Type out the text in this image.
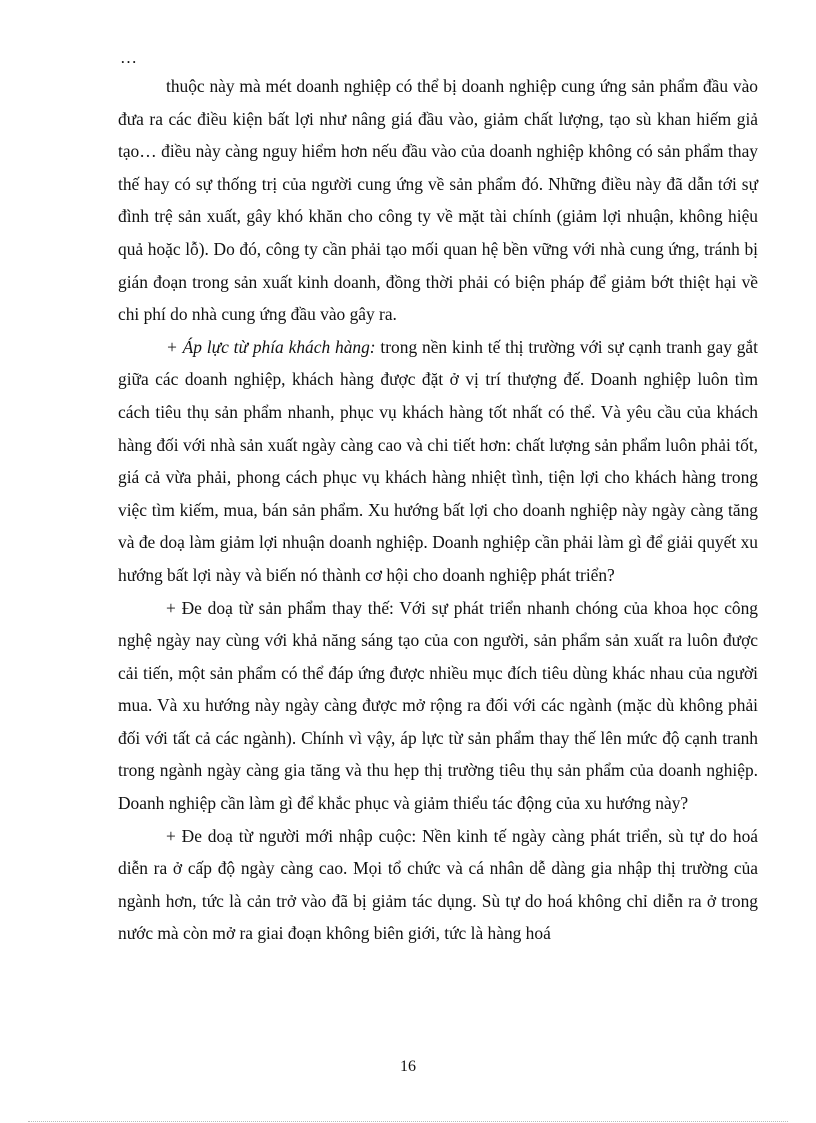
…

thuộc này mà mét doanh nghiệp có thể bị doanh nghiệp cung ứng sản phẩm đầu vào đưa ra các điều kiện bất lợi như nâng giá đầu vào, giảm chất lượng, tạo sù khan hiếm giả tạo… điều này càng nguy hiểm hơn nếu đầu vào của doanh nghiệp không có sản phẩm thay thế hay có sự thống trị của người cung ứng về sản phẩm đó. Những điều này đã dẫn tới sự đình trệ sản xuất, gây khó khăn cho công ty về mặt tài chính (giảm lợi nhuận, không hiệu quả hoặc lỗ). Do đó, công ty cần phải tạo mối quan hệ bền vững với nhà cung ứng, tránh bị gián đoạn trong sản xuất kinh doanh, đồng thời phải có biện pháp để giảm bớt thiệt hại về chi phí do nhà cung ứng đầu vào gây ra.

+ Áp lực từ phía khách hàng: trong nền kinh tế thị trường với sự cạnh tranh gay gắt giữa các doanh nghiệp, khách hàng được đặt ở vị trí thượng đế. Doanh nghiệp luôn tìm cách tiêu thụ sản phẩm nhanh, phục vụ khách hàng tốt nhất có thể. Và yêu cầu của khách hàng đối với nhà sản xuất ngày càng cao và chi tiết hơn: chất lượng sản phẩm luôn phải tốt, giá cả vừa phải, phong cách phục vụ khách hàng nhiệt tình, tiện lợi cho khách hàng trong việc tìm kiếm, mua, bán sản phẩm. Xu hướng bất lợi cho doanh nghiệp này ngày càng tăng và đe doạ làm giảm lợi nhuận doanh nghiệp. Doanh nghiệp cần phải làm gì để giải quyết xu hướng bất lợi này và biến nó thành cơ hội cho doanh nghiệp phát triển?

+ Đe doạ từ sản phẩm thay thế: Với sự phát triển nhanh chóng của khoa học công nghệ ngày nay cùng với khả năng sáng tạo của con người, sản phẩm sản xuất ra luôn được cải tiến, một sản phẩm có thể đáp ứng được nhiều mục đích tiêu dùng khác nhau của người mua. Và xu hướng này ngày càng được mở rộng ra đối với các ngành (mặc dù không phải đối với tất cả các ngành). Chính vì vậy, áp lực từ sản phẩm thay thế lên mức độ cạnh tranh trong ngành ngày càng gia tăng và thu hẹp thị trường tiêu thụ sản phẩm của doanh nghiệp. Doanh nghiệp cần làm gì để khắc phục và giảm thiểu tác động của xu hướng này?

+ Đe doạ từ người mới nhập cuộc: Nền kinh tế ngày càng phát triển, sù tự do hoá diễn ra ở cấp độ ngày càng cao. Mọi tổ chức và cá nhân dễ dàng gia nhập thị trường của ngành hơn, tức là cản trở vào đã bị giảm tác dụng. Sù tự do hoá không chỉ diễn ra ở trong nước mà còn mở ra giai đoạn không biên giới, tức là hàng hoá

16
